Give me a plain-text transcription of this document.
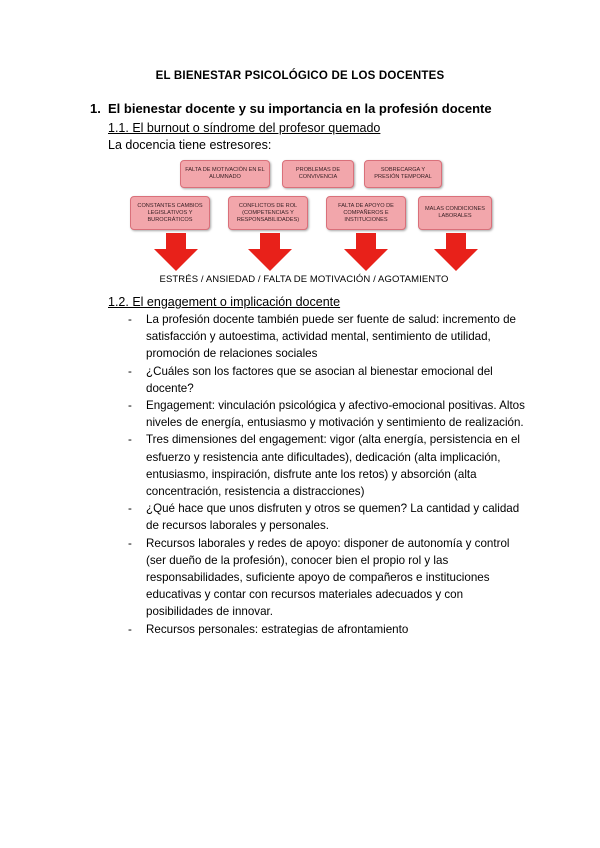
EL BIENESTAR PSICOLÓGICO DE LOS DOCENTES
1. El bienestar docente y su importancia en la profesión docente
1.1. El burnout o síndrome del profesor quemado
La docencia tiene estresores:
FALTA DE MOTIVACIÓN EN EL ALUMNADO
PROBLEMAS DE CONVIVENCIA
SOBRECARGA Y PRESIÓN TEMPORAL
CONSTANTES CAMBIOS LEGISLATIVOS Y BUROCRÁTICOS
CONFLICTOS DE ROL (COMPETENCIAS Y RESPONSABILIDADES)
FALTA DE APOYO DE COMPAÑEROS E INSTITUCIONES
MALAS CONDICIONES LABORALES
ESTRÉS / ANSIEDAD / FALTA DE MOTIVACIÓN / AGOTAMIENTO
1.2. El engagement o implicación docente
- La profesión docente también puede ser fuente de salud: incremento de satisfacción y autoestima, actividad mental, sentimiento de utilidad, promoción de relaciones sociales
- ¿Cuáles son los factores que se asocian al bienestar emocional del docente?
- Engagement: vinculación psicológica y afectivo-emocional positivas. Altos niveles de energía, entusiasmo y motivación y sentimiento de realización.
- Tres dimensiones del engagement: vigor (alta energía, persistencia en el esfuerzo y resistencia ante dificultades), dedicación (alta implicación, entusiasmo, inspiración, disfrute ante los retos) y absorción (alta concentración, resistencia a distracciones)
- ¿Qué hace que unos disfruten y otros se quemen? La cantidad y calidad de recursos laborales y personales.
- Recursos laborales y redes de apoyo: disponer de autonomía y control (ser dueño de la profesión), conocer bien el propio rol y las responsabilidades, suficiente apoyo de compañeros e instituciones educativas y contar con recursos materiales adecuados y con posibilidades de innovar.
- Recursos personales: estrategias de afrontamiento
